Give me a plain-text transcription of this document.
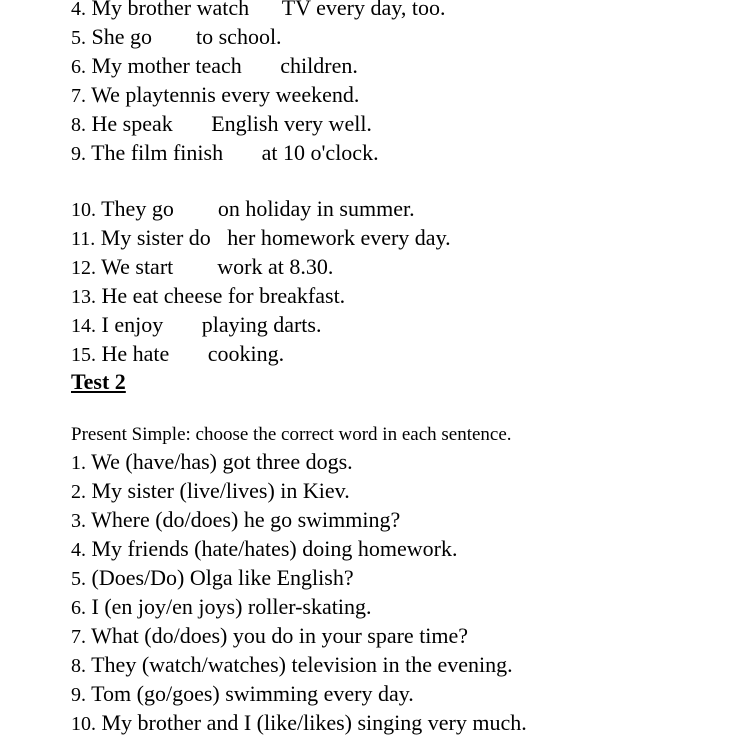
4. My brother watch      TV every day, too.
5. She go        to school.
6. My mother teach       children.
7. We playtennis every weekend.
8. He speak       English very well.
9. The film finish       at 10 o'clock.
10. They go        on holiday in summer.
11. My sister do   her homework every day.
12. We start        work at 8.30.
13. He eat cheese for breakfast.
14. I enjoy       playing darts.
15. He hate       cooking.
Test 2
Present Simple: choose the correct word in each sentence.
1. We (have/has) got three dogs.
2. My sister (live/lives) in Kiev.
3. Where (do/does) he go swimming?
4. My friends (hate/hates) doing homework.
5. (Does/Do) Olga like English?
6. I (en joy/en joys) roller-skating.
7. What (do/does) you do in your spare time?
8. They (watch/watches) television in the evening.
9. Tom (go/goes) swimming every day.
10. My brother and I (like/likes) singing very much.
